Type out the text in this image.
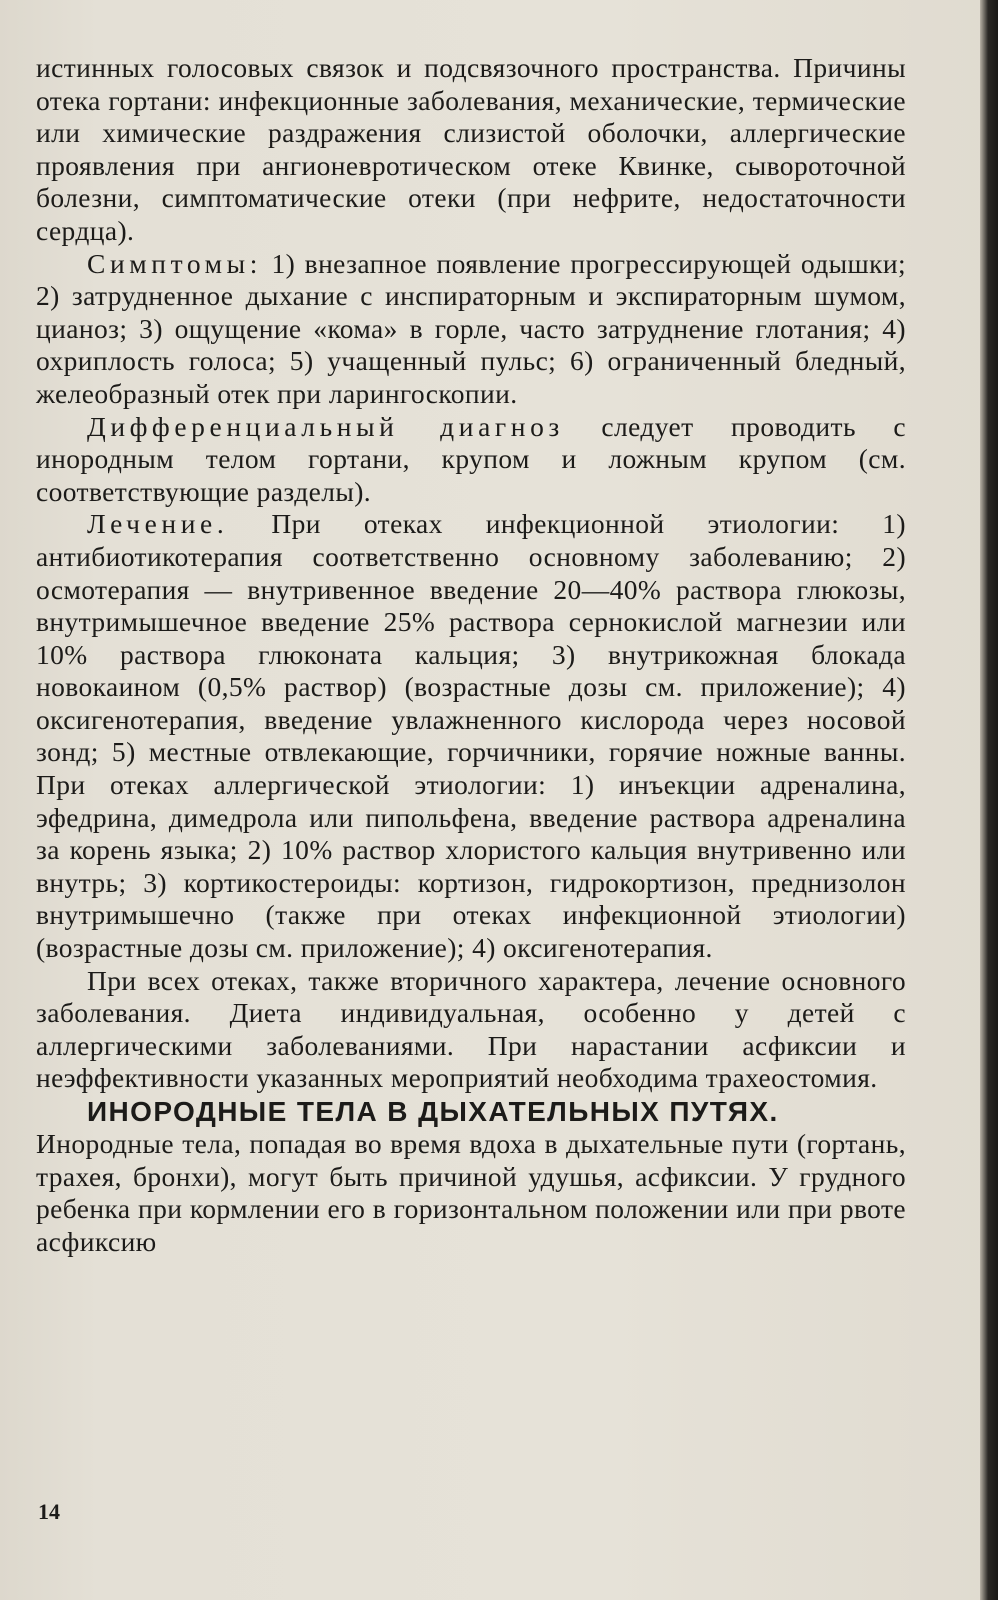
истинных голосовых связок и подсвязочного пространства. Причины отека гортани: инфекционные заболевания, механические, термические или химические раздражения слизистой оболочки, аллергические проявления при ангионевротическом отеке Квинке, сывороточной болезни, симптоматические отеки (при нефрите, недостаточности сердца).

Симптомы: 1) внезапное появление прогрессирующей одышки; 2) затрудненное дыхание с инспираторным и экспираторным шумом, цианоз; 3) ощущение «кома» в горле, часто затруднение глотания; 4) охриплость голоса; 5) учащенный пульс; 6) ограниченный бледный, желеобразный отек при ларингоскопии.

Дифференциальный диагноз следует проводить с инородным телом гортани, крупом и ложным крупом (см. соответствующие разделы).

Лечение. При отеках инфекционной этиологии: 1) антибиотикотерапия соответственно основному заболеванию; 2) осмотерапия — внутривенное введение 20—40% раствора глюкозы, внутримышечное введение 25% раствора сернокислой магнезии или 10% раствора глюконата кальция; 3) внутрикожная блокада новокаином (0,5% раствор) (возрастные дозы см. приложение); 4) оксигенотерапия, введение увлажненного кислорода через носовой зонд; 5) местные отвлекающие, горчичники, горячие ножные ванны. При отеках аллергической этиологии: 1) инъекции адреналина, эфедрина, димедрола или пипольфена, введение раствора адреналина за корень языка; 2) 10% раствор хлористого кальция внутривенно или внутрь; 3) кортикостероиды: кортизон, гидрокортизон, преднизолон внутримышечно (также при отеках инфекционной этиологии) (возрастные дозы см. приложение); 4) оксигенотерапия.

При всех отеках, также вторичного характера, лечение основного заболевания. Диета индивидуальная, особенно у детей с аллергическими заболеваниями. При нарастании асфиксии и неэффективности указанных мероприятий необходима трахеостомия.

ИНОРОДНЫЕ ТЕЛА В ДЫХАТЕЛЬНЫХ ПУТЯХ.

Инородные тела, попадая во время вдоха в дыхательные пути (гортань, трахея, бронхи), могут быть причиной удушья, асфиксии. У грудного ребенка при кормлении его в горизонтальном положении или при рвоте асфиксию

14
